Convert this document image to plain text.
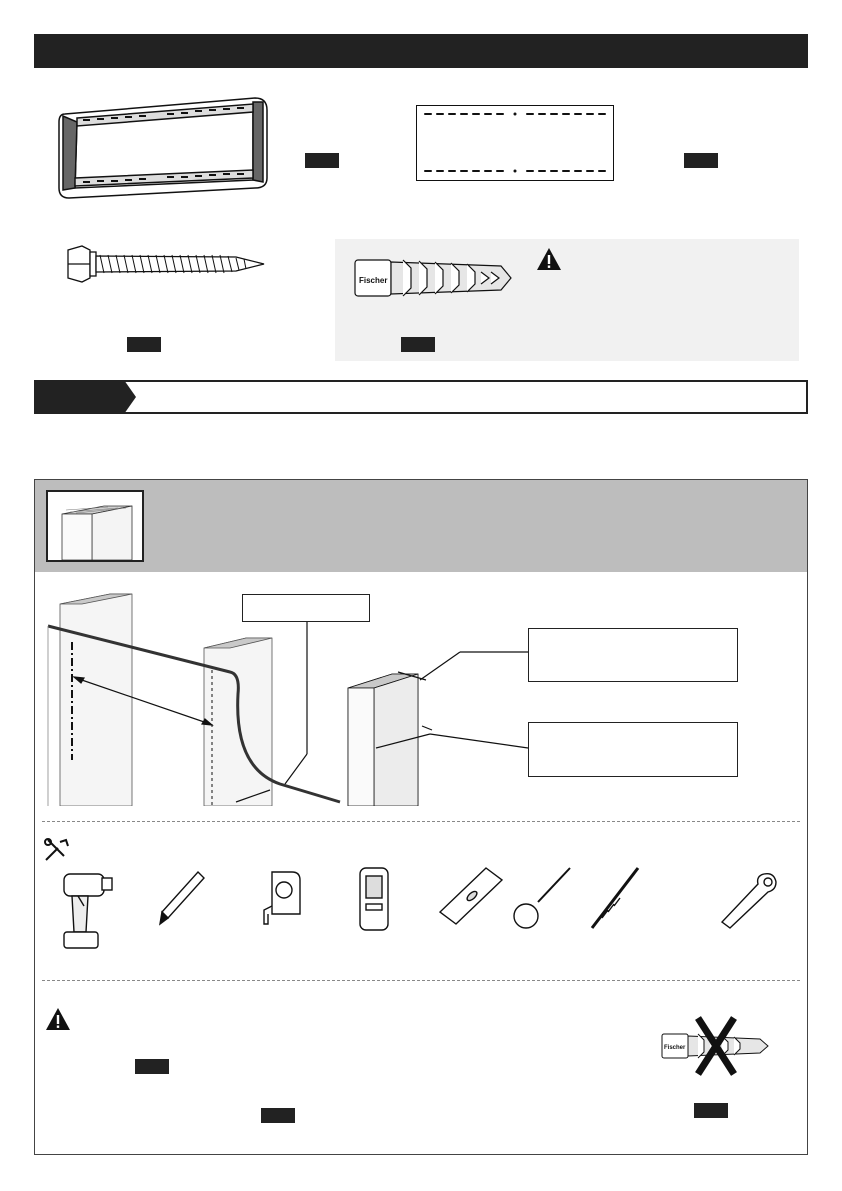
Fischer
Fischer
